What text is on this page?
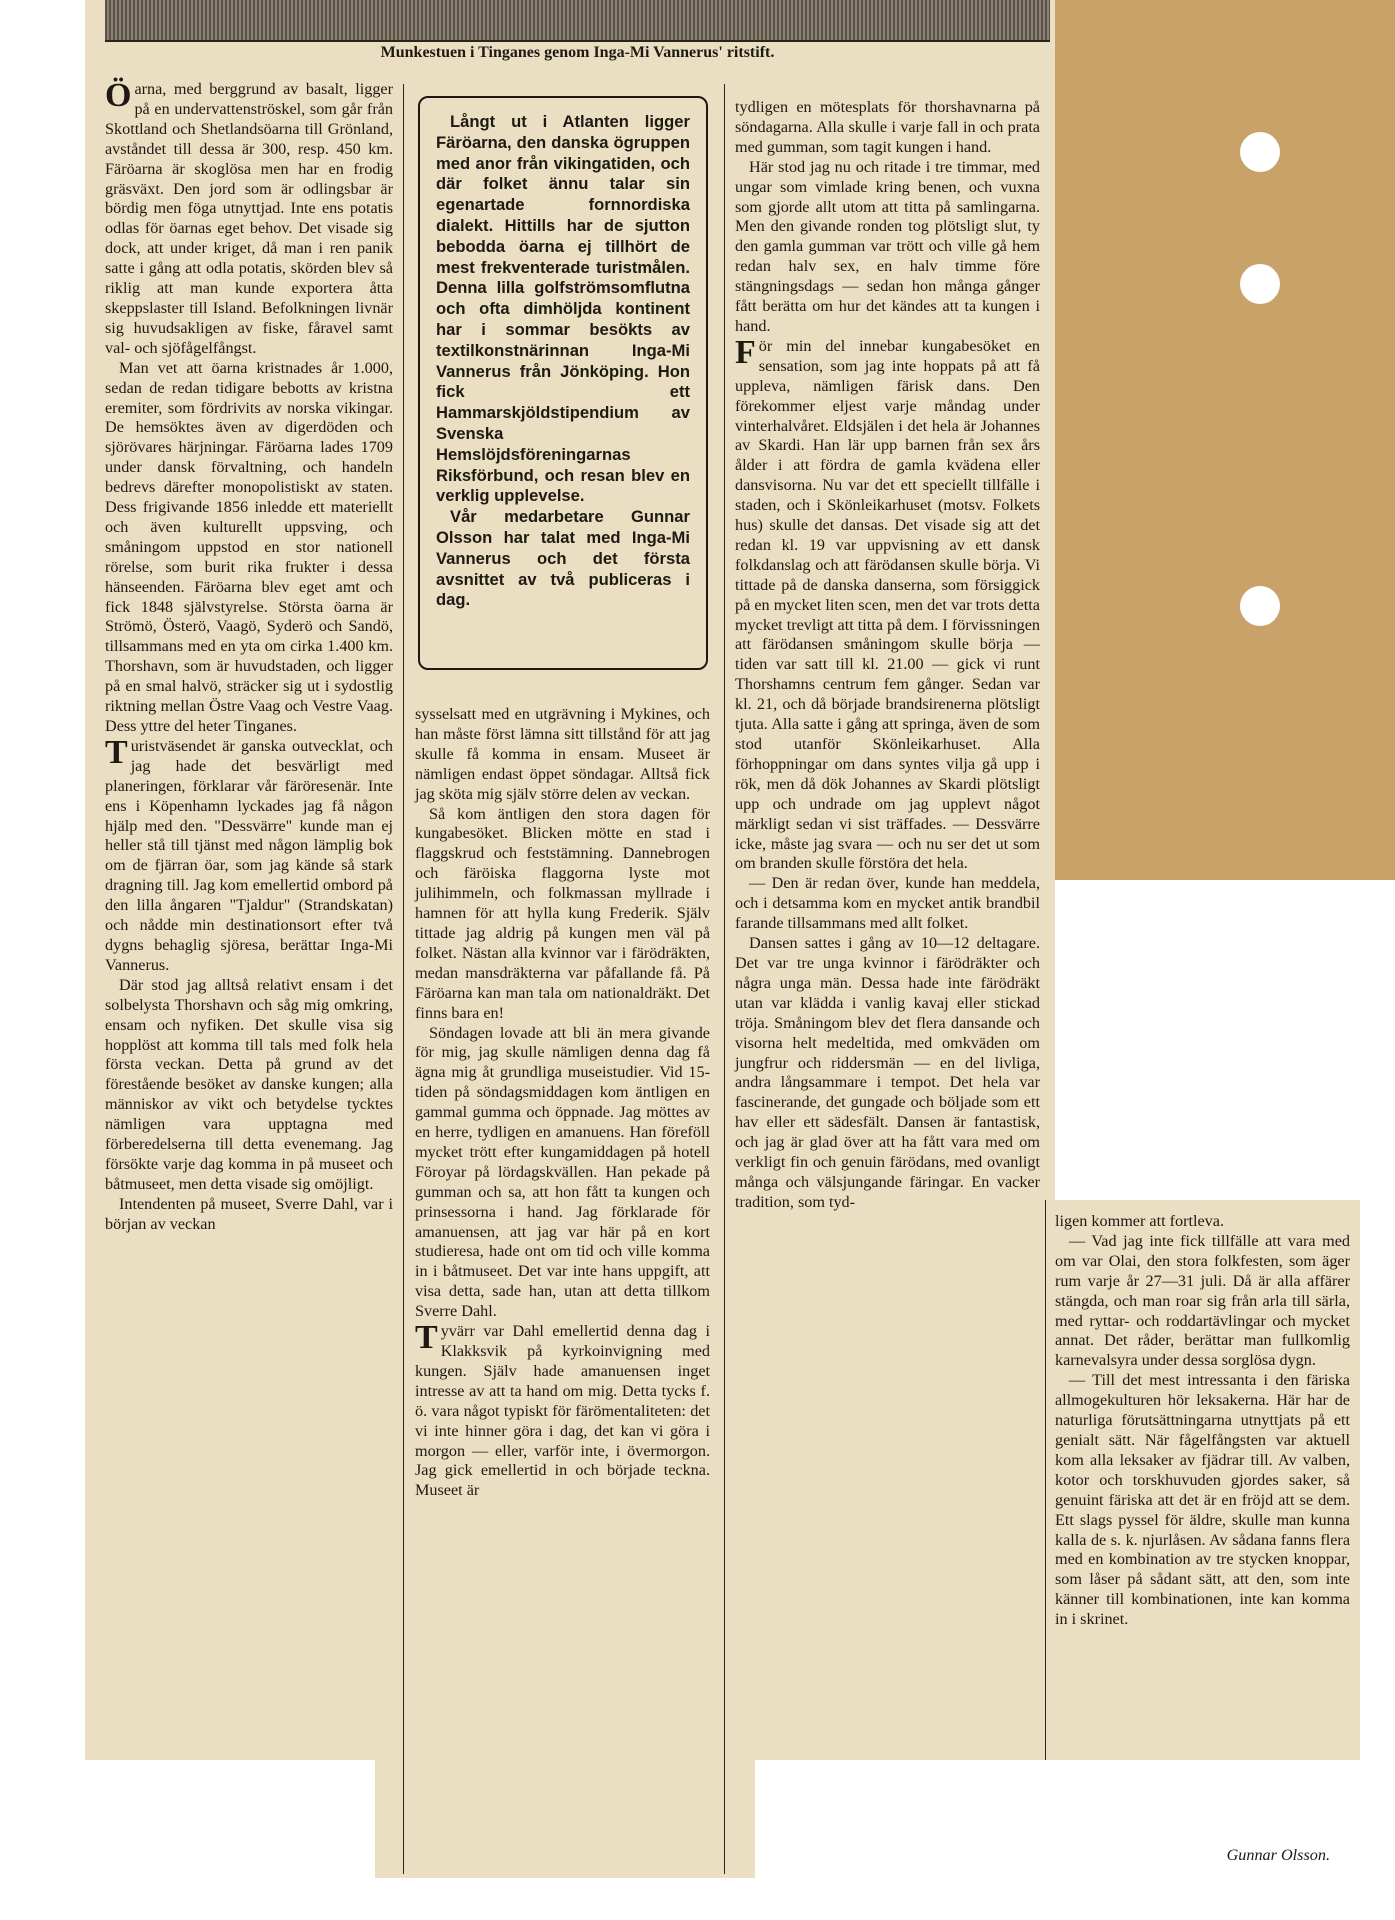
Munkestuen i Tinganes genom Inga-Mi Vannerus' ritstift.

Öarna, med berggrund av basalt, ligger på en undervattenströskel, som går från Skottland och Shetlandsöarna till Grönland, avståndet till dessa är 300, resp. 450 km. Färöarna är skoglösa men har en frodig gräsväxt. Den jord som är odlingsbar är bördig men föga utnyttjad. Inte ens potatis odlas för öarnas eget behov. Det visade sig dock, att under kriget, då man i ren panik satte i gång att odla potatis, skörden blev så riklig att man kunde exportera åtta skeppslaster till Island. Befolkningen livnär sig huvudsakligen av fiske, fåravel samt val- och sjöfågelfångst.

Man vet att öarna kristnades år 1.000, sedan de redan tidigare bebotts av kristna eremiter, som fördrivits av norska vikingar. De hemsöktes även av digerdöden och sjörövares härjningar. Färöarna lades 1709 under dansk förvaltning, och handeln bedrevs därefter monopolistiskt av staten. Dess frigivande 1856 inledde ett materiellt och även kulturellt uppsving, och småningom uppstod en stor nationell rörelse, som burit rika frukter i dessa hänseenden. Färöarna blev eget amt och fick 1848 självstyrelse. Största öarna är Strömö, Österö, Vaagö, Syderö och Sandö, tillsammans med en yta om cirka 1.400 km. Thorshavn, som är huvudstaden, och ligger på en smal halvö, sträcker sig ut i sydostlig riktning mellan Östre Vaag och Vestre Vaag. Dess yttre del heter Tinganes.

Turistväsendet är ganska outvecklat, och jag hade det besvärligt med planeringen, förklarar vår färöresenär. Inte ens i Köpenhamn lyckades jag få någon hjälp med den. "Dessvärre" kunde man ej heller stå till tjänst med någon lämplig bok om de fjärran öar, som jag kände så stark dragning till. Jag kom emellertid ombord på den lilla ångaren "Tjaldur" (Strandskatan) och nådde min destinationsort efter två dygns behaglig sjöresa, berättar Inga-Mi Vannerus.

Där stod jag alltså relativt ensam i det solbelysta Thorshavn och såg mig omkring, ensam och nyfiken. Det skulle visa sig hopplöst att komma till tals med folk hela första veckan. Detta på grund av det förestående besöket av danske kungen; alla människor av vikt och betydelse tycktes nämligen vara upptagna med förberedelserna till detta evenemang. Jag försökte varje dag komma in på museet och båtmuseet, men detta visade sig omöjligt.

Intendenten på museet, Sverre Dahl, var i början av veckan

Långt ut i Atlanten ligger Färöarna, den danska ögruppen med anor från vikingatiden, och där folket ännu talar sin egenartade fornnordiska dialekt. Hittills har de sjutton bebodda öarna ej tillhört de mest frekventerade turistmålen. Denna lilla golfströmsomflutna och ofta dimhöljda kontinent har i sommar besökts av textilkonstnärinnan Inga-Mi Vannerus från Jönköping. Hon fick ett Hammarskjöldstipendium av Svenska Hemslöjdsföreningarnas Riksförbund, och resan blev en verklig upplevelse.

Vår medarbetare Gunnar Olsson har talat med Inga-Mi Vannerus och det första avsnittet av två publiceras i dag.

sysselsatt med en utgrävning i Mykines, och han måste först lämna sitt tillstånd för att jag skulle få komma in ensam. Museet är nämligen endast öppet söndagar. Alltså fick jag sköta mig själv större delen av veckan.

Så kom äntligen den stora dagen för kungabesöket. Blicken mötte en stad i flaggskrud och feststämning. Dannebrogen och färöiska flaggorna lyste mot julihimmeln, och folkmassan myllrade i hamnen för att hylla kung Frederik. Själv tittade jag aldrig på kungen men väl på folket. Nästan alla kvinnor var i färödräkten, medan mansdräkterna var påfallande få. På Färöarna kan man tala om nationaldräkt. Det finns bara en!

Söndagen lovade att bli än mera givande för mig, jag skulle nämligen denna dag få ägna mig åt grundliga museistudier. Vid 15-tiden på söndagsmiddagen kom äntligen en gammal gumma och öppnade. Jag möttes av en herre, tydligen en amanuens. Han föreföll mycket trött efter kungamiddagen på hotell Föroyar på lördagskvällen. Han pekade på gumman och sa, att hon fått ta kungen och prinsessorna i hand. Jag förklarade för amanuensen, att jag var här på en kort studieresa, hade ont om tid och ville komma in i båtmuseet. Det var inte hans uppgift, att visa detta, sade han, utan att detta tillkom Sverre Dahl.

Tyvärr var Dahl emellertid denna dag i Klakksvik på kyrkoinvigning med kungen. Själv hade amanuensen inget intresse av att ta hand om mig. Detta tycks f. ö. vara något typiskt för färömentaliteten: det vi inte hinner göra i dag, det kan vi göra i morgon — eller, varför inte, i övermorgon. Jag gick emellertid in och började teckna. Museet är

tydligen en mötesplats för thorshavnarna på söndagarna. Alla skulle i varje fall in och prata med gumman, som tagit kungen i hand.

Här stod jag nu och ritade i tre timmar, med ungar som vimlade kring benen, och vuxna som gjorde allt utom att titta på samlingarna. Men den givande ronden tog plötsligt slut, ty den gamla gumman var trött och ville gå hem redan halv sex, en halv timme före stängningsdags — sedan hon många gånger fått berätta om hur det kändes att ta kungen i hand.

För min del innebar kungabesöket en sensation, som jag inte hoppats på att få uppleva, nämligen färisk dans. Den förekommer eljest varje måndag under vinterhalvåret. Eldsjälen i det hela är Johannes av Skardi. Han lär upp barnen från sex års ålder i att fördra de gamla kvädena eller dansvisorna. Nu var det ett speciellt tillfälle i staden, och i Skönleikarhuset (motsv. Folkets hus) skulle det dansas. Det visade sig att det redan kl. 19 var uppvisning av ett dansk folkdanslag och att färödansen skulle börja. Vi tittade på de danska danserna, som försiggick på en mycket liten scen, men det var trots detta mycket trevligt att titta på dem. I förvissningen att färödansen småningom skulle börja — tiden var satt till kl. 21.00 — gick vi runt Thorshamns centrum fem gånger. Sedan var kl. 21, och då började brandsirenerna plötsligt tjuta. Alla satte i gång att springa, även de som stod utanför Skönleikarhuset. Alla förhoppningar om dans syntes vilja gå upp i rök, men då dök Johannes av Skardi plötsligt upp och undrade om jag upplevt något märkligt sedan vi sist träffades. — Dessvärre icke, måste jag svara — och nu ser det ut som om branden skulle förstöra det hela.

— Den är redan över, kunde han meddela, och i detsamma kom en mycket antik brandbil farande tillsammans med allt folket.

Dansen sattes i gång av 10—12 deltagare. Det var tre unga kvinnor i färödräkter och några unga män. Dessa hade inte färödräkt utan var klädda i vanlig kavaj eller stickad tröja. Småningom blev det flera dansande och visorna helt medeltida, med omkväden om jungfrur och riddersmän — en del livliga, andra långsammare i tempot. Det hela var fascinerande, det gungade och böljade som ett hav eller ett sädesfält. Dansen är fantastisk, och jag är glad över att ha fått vara med om verkligt fin och genuin färödans, med ovanligt många och välsjungande färingar. En vacker tradition, som tyd-

ligen kommer att fortleva.

— Vad jag inte fick tillfälle att vara med om var Olai, den stora folkfesten, som äger rum varje år 27—31 juli. Då är alla affärer stängda, och man roar sig från arla till särla, med ryttar- och roddartävlingar och mycket annat. Det råder, berättar man fullkomlig karnevalsyra under dessa sorglösa dygn.

— Till det mest intressanta i den färiska allmogekulturen hör leksakerna. Här har de naturliga förutsättningarna utnyttjats på ett genialt sätt. När fågelfångsten var aktuell kom alla leksaker av fjädrar till. Av valben, kotor och torskhuvuden gjordes saker, så genuint färiska att det är en fröjd att se dem. Ett slags pyssel för äldre, skulle man kunna kalla de s. k. njurlåsen. Av sådana fanns flera med en kombination av tre stycken knoppar, som låser på sådant sätt, att den, som inte känner till kombinationen, inte kan komma in i skrinet.

Gunnar Olsson.
